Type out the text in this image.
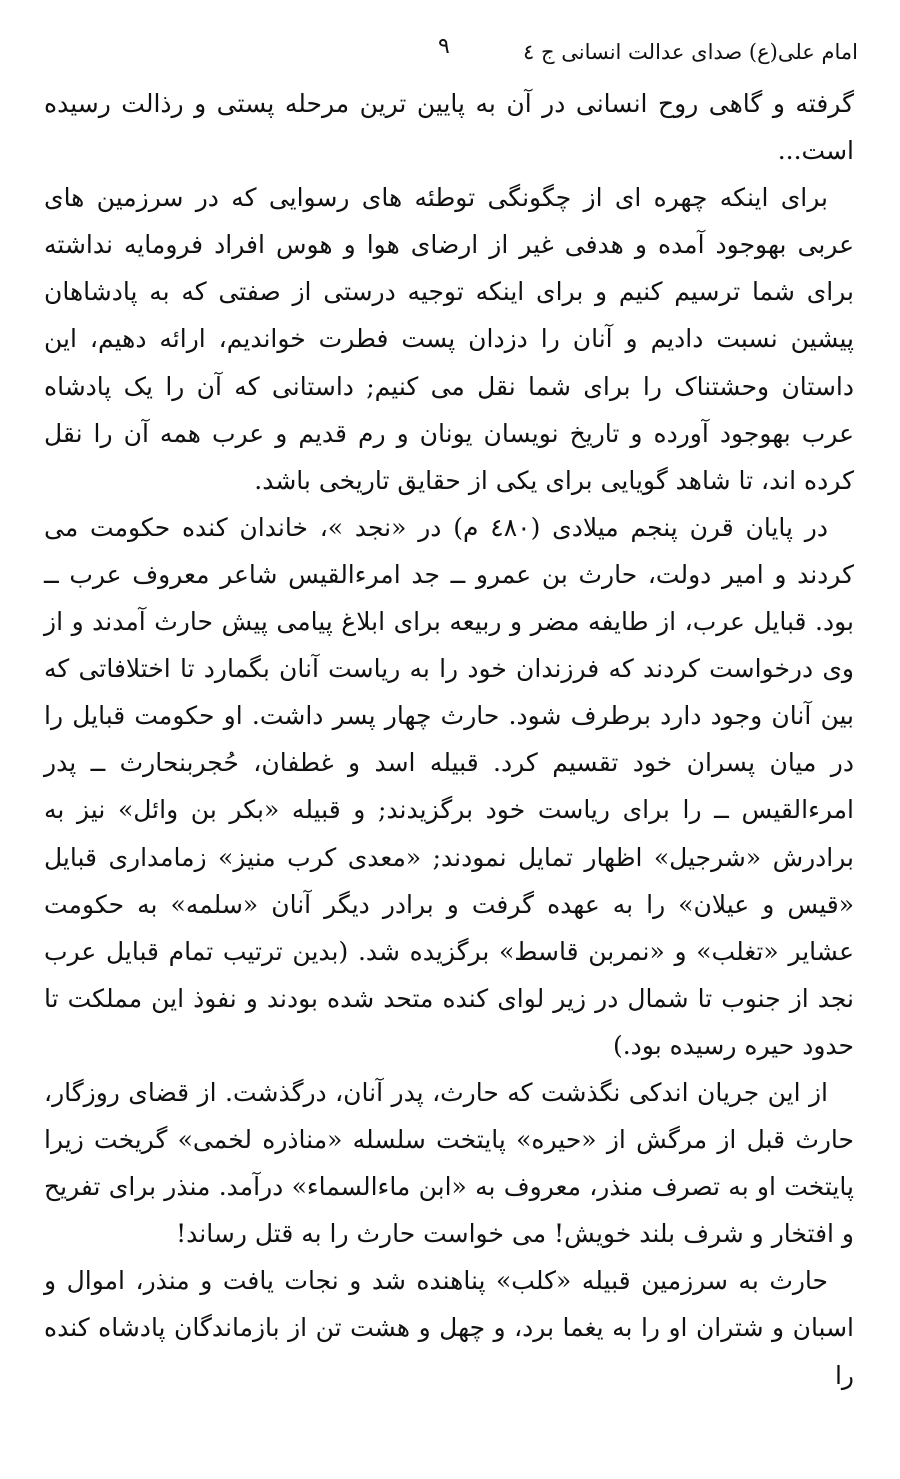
امام علی(ع) صدای عدالت انسانی ج ٤
٩

گرفته و گاهی روح انسانی در آن به پایین ترین مرحله پستی و رذالت رسیده است...

برای اینکه چهره ای از چگونگی توطئه های رسوایی که در سرزمین های عربی بهوجود آمده و هدفی غیر از ارضای هوا و هوس افراد فرومایه نداشته برای شما ترسیم کنیم و برای اینکه توجیه درستی از صفتی که به پادشاهان پیشین نسبت دادیم و آنان را دزدان پست فطرت خواندیم، ارائه دهیم، این داستان وحشتناک را برای شما نقل می کنیم; داستانی که آن را یک پادشاه عرب بهوجود آورده و تاریخ نویسان یونان و رم قدیم و عرب همه آن را نقل کرده اند، تا شاهد گویایی برای یکی از حقایق تاریخی باشد.

در پایان قرن پنجم میلادی (٤٨٠ م) در «نجد »، خاندان کنده حکومت می کردند و امیر دولت، حارث بن عمرو ــ جد امرءالقیس شاعر معروف عرب ــ بود. قبایل عرب، از طایفه مضر و ربیعه برای ابلاغ پیامی پیش حارث آمدند و از وی درخواست کردند که فرزندان خود را به ریاست آنان بگمارد تا اختلافاتی که بین آنان وجود دارد برطرف شود. حارث چهار پسر داشت. او حکومت قبایل را در میان پسران خود تقسیم کرد. قبیله اسد و غطفان، حُجربنحارث ــ پدر امرءالقیس ــ را برای ریاست خود برگزیدند; و قبیله «بکر بن وائل» نیز به برادرش «شرجیل» اظهار تمایل نمودند; «معدی کرب منیز» زمامداری قبایل «قیس و عیلان» را به عهده گرفت و برادر دیگر آنان «سلمه» به حکومت عشایر «تغلب» و «نمربن قاسط» برگزیده شد. (بدین ترتیب تمام قبایل عرب نجد از جنوب تا شمال در زیر لوای کنده متحد شده بودند و نفوذ این مملکت تا حدود حیره رسیده بود.)

از این جریان اندکی نگذشت که حارث، پدر آنان، درگذشت. از قضای روزگار، حارث قبل از مرگش از «حیره» پایتخت سلسله «مناذره لخمی» گریخت زیرا پایتخت او به تصرف منذر، معروف به «ابن ماءالسماء» درآمد. منذر برای تفریح و افتخار و شرف بلند خویش! می خواست حارث را به قتل رساند!

حارث به سرزمین قبیله «کلب» پناهنده شد و نجات یافت و منذر، اموال و اسبان و شتران او را به یغما برد، و چهل و هشت تن از بازماندگان پادشاه کنده را
